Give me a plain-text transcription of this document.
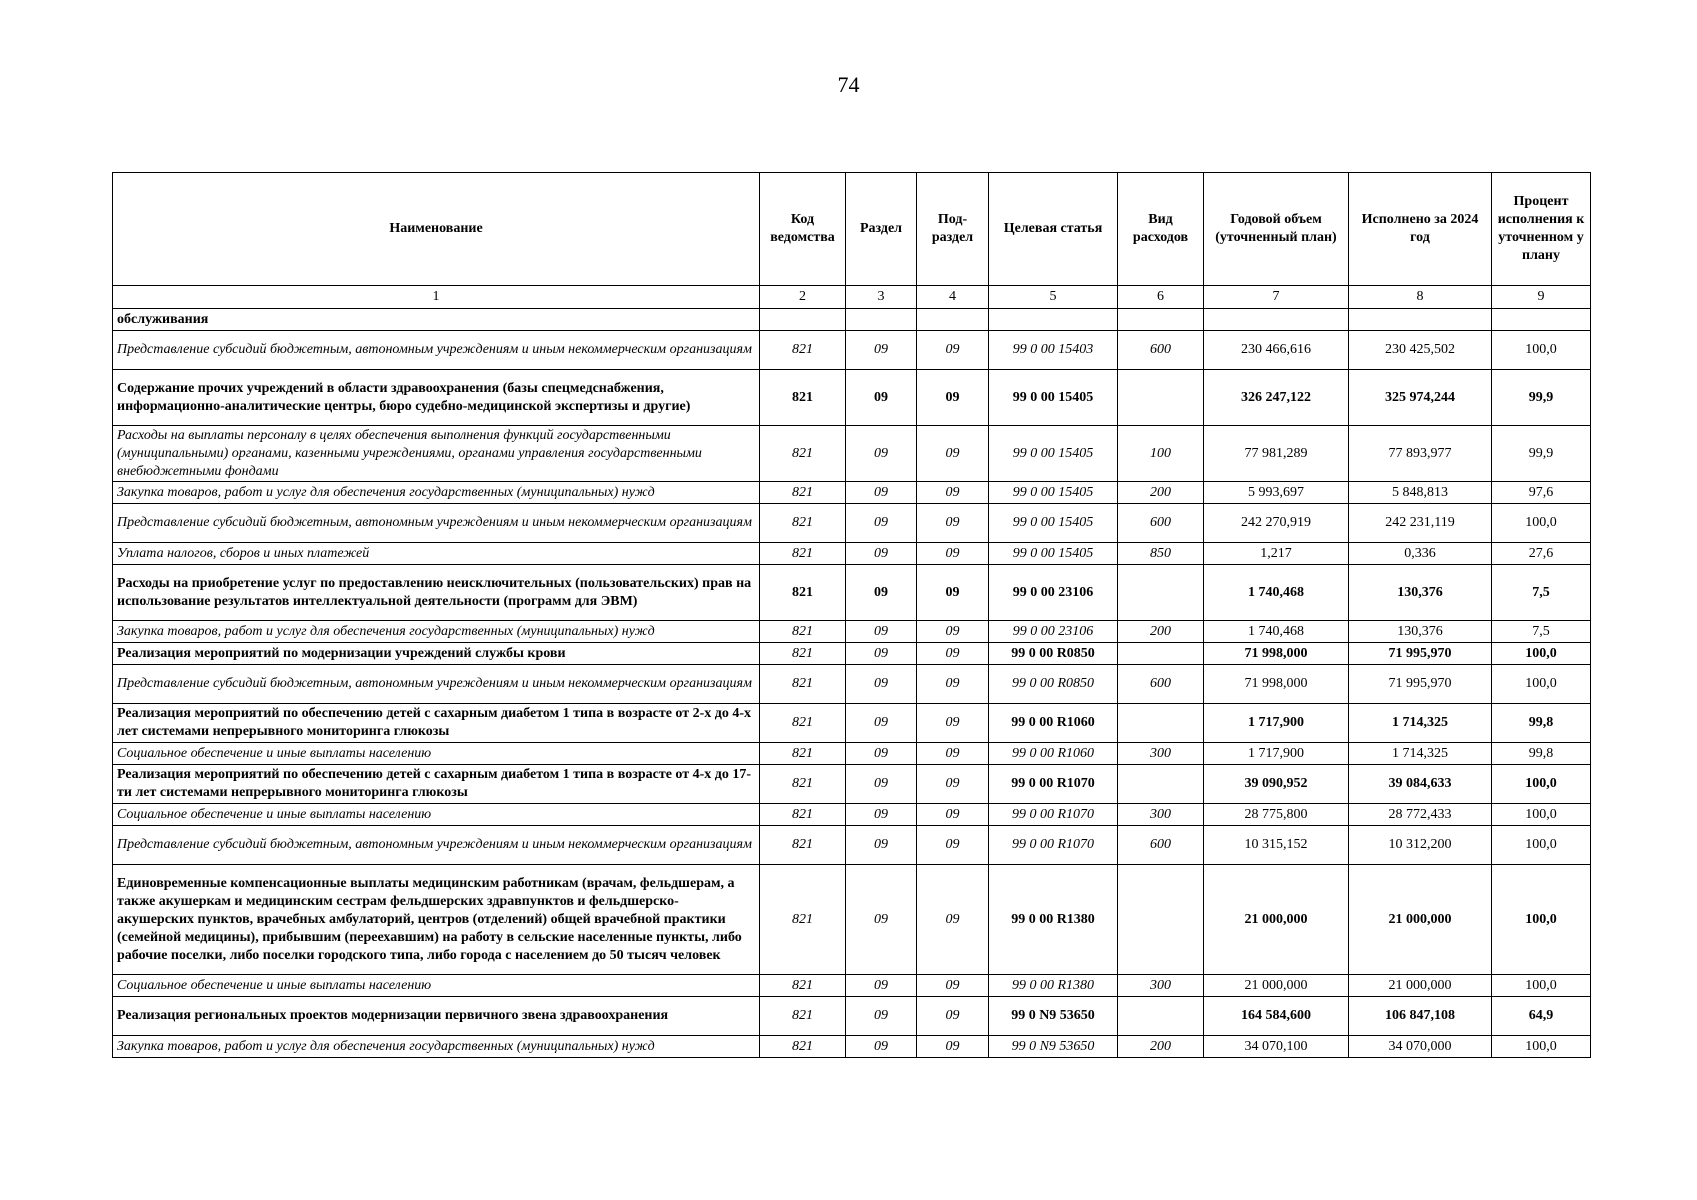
74
Наименование	Код ведомства	Раздел	Под-раздел	Целевая статья	Вид расходов	Годовой объем (уточненный план)	Исполнено за 2024 год	Процент исполнения к уточненном у плану
1	2	3	4	5	6	7	8	9
обслуживания								
Представление субсидий бюджетным, автономным учреждениям и иным некоммерческим организациям	821	09	09	99 0 00 15403	600	230 466,616	230 425,502	100,0
Содержание прочих учреждений в области здравоохранения (базы спецмедснабжения, информационно-аналитические центры, бюро судебно-медицинской экспертизы и другие)	821	09	09	99 0 00 15405		326 247,122	325 974,244	99,9
Расходы на выплаты персоналу в целях обеспечения выполнения функций государственными (муниципальными) органами, казенными учреждениями, органами управления государственными внебюджетными фондами	821	09	09	99 0 00 15405	100	77 981,289	77 893,977	99,9
Закупка товаров, работ и услуг для обеспечения государственных (муниципальных) нужд	821	09	09	99 0 00 15405	200	5 993,697	5 848,813	97,6
Представление субсидий бюджетным, автономным учреждениям и иным некоммерческим организациям	821	09	09	99 0 00 15405	600	242 270,919	242 231,119	100,0
Уплата налогов, сборов и иных платежей	821	09	09	99 0 00 15405	850	1,217	0,336	27,6
Расходы на приобретение услуг по предоставлению неисключительных (пользовательских) прав на использование результатов интеллектуальной деятельности (программ для ЭВМ)	821	09	09	99 0 00 23106		1 740,468	130,376	7,5
Закупка товаров, работ и услуг для обеспечения государственных (муниципальных) нужд	821	09	09	99 0 00 23106	200	1 740,468	130,376	7,5
Реализация мероприятий по модернизации учреждений службы крови	821	09	09	99 0 00 R0850		71 998,000	71 995,970	100,0
Представление субсидий бюджетным, автономным учреждениям и иным некоммерческим организациям	821	09	09	99 0 00 R0850	600	71 998,000	71 995,970	100,0
Реализация мероприятий по обеспечению детей с сахарным диабетом 1 типа в возрасте от 2-х до 4-х лет системами непрерывного мониторинга глюкозы	821	09	09	99 0 00 R1060		1 717,900	1 714,325	99,8
Социальное обеспечение и иные выплаты населению	821	09	09	99 0 00 R1060	300	1 717,900	1 714,325	99,8
Реализация мероприятий по обеспечению детей с сахарным диабетом 1 типа в возрасте от 4-х до 17-ти лет системами непрерывного мониторинга глюкозы	821	09	09	99 0 00 R1070		39 090,952	39 084,633	100,0
Социальное обеспечение и иные выплаты населению	821	09	09	99 0 00 R1070	300	28 775,800	28 772,433	100,0
Представление субсидий бюджетным, автономным учреждениям и иным некоммерческим организациям	821	09	09	99 0 00 R1070	600	10 315,152	10 312,200	100,0
Единовременные компенсационные выплаты медицинским работникам (врачам, фельдшерам, а также акушеркам и медицинским сестрам фельдшерских здравпунктов и фельдшерско-акушерских пунктов, врачебных амбулаторий, центров (отделений) общей врачебной практики (семейной медицины), прибывшим (переехавшим) на работу в сельские населенные пункты, либо рабочие поселки, либо поселки городского типа, либо города с населением до 50 тысяч человек	821	09	09	99 0 00 R1380		21 000,000	21 000,000	100,0
Социальное обеспечение и иные выплаты населению	821	09	09	99 0 00 R1380	300	21 000,000	21 000,000	100,0
Реализация региональных проектов модернизации первичного звена здравоохранения	821	09	09	99 0 N9 53650		164 584,600	106 847,108	64,9
Закупка товаров, работ и услуг для обеспечения государственных (муниципальных) нужд	821	09	09	99 0 N9 53650	200	34 070,100	34 070,000	100,0
